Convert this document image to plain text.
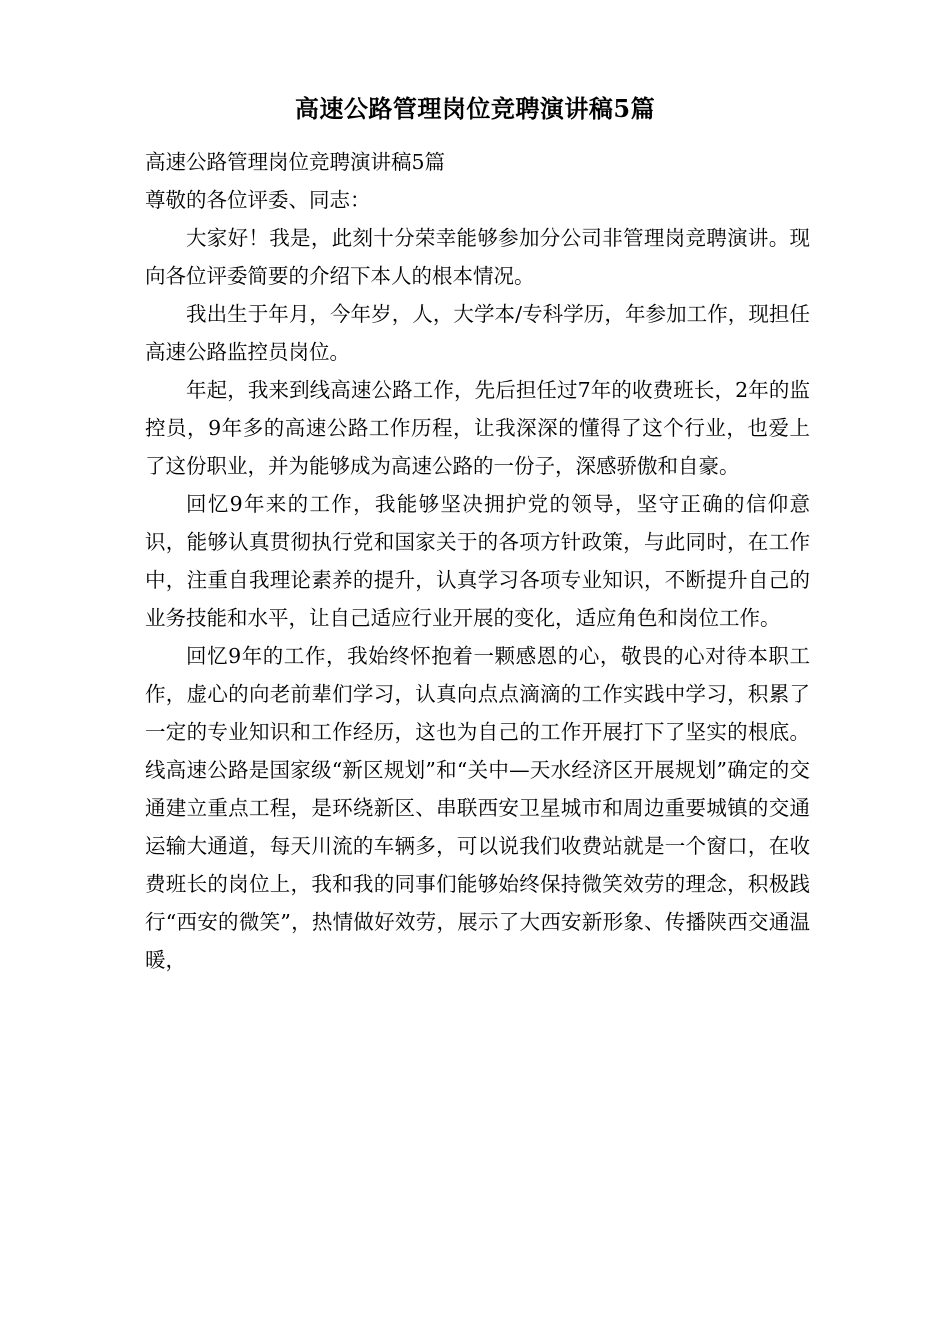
高速公路管理岗位竞聘演讲稿5篇

高速公路管理岗位竞聘演讲稿5篇

尊敬的各位评委、同志：

大家好！我是，此刻十分荣幸能够参加分公司非管理岗竞聘演讲。现向各位评委简要的介绍下本人的根本情况。

我出生于年月，今年岁，人，大学本/专科学历，年参加工作，现担任高速公路监控员岗位。

年起，我来到线高速公路工作，先后担任过7年的收费班长，2年的监控员，9年多的高速公路工作历程，让我深深的懂得了这个行业，也爱上了这份职业，并为能够成为高速公路的一份子，深感骄傲和自豪。

回忆9年来的工作，我能够坚决拥护党的领导，坚守正确的信仰意识，能够认真贯彻执行党和国家关于的各项方针政策，与此同时，在工作中，注重自我理论素养的提升，认真学习各项专业知识，不断提升自己的业务技能和水平，让自己适应行业开展的变化，适应角色和岗位工作。

回忆9年的工作，我始终怀抱着一颗感恩的心，敬畏的心对待本职工作，虚心的向老前辈们学习，认真向点点滴滴的工作实践中学习，积累了一定的专业知识和工作经历，这也为自己的工作开展打下了坚实的根底。线高速公路是国家级“新区规划”和“关中—天水经济区开展规划”确定的交通建立重点工程，是环绕新区、串联西安卫星城市和周边重要城镇的交通运输大通道，每天川流的车辆多，可以说我们收费站就是一个窗口，在收费班长的岗位上，我和我的同事们能够始终保持微笑效劳的理念，积极践行“西安的微笑”，热情做好效劳，展示了大西安新形象、传播陕西交通温暖，
